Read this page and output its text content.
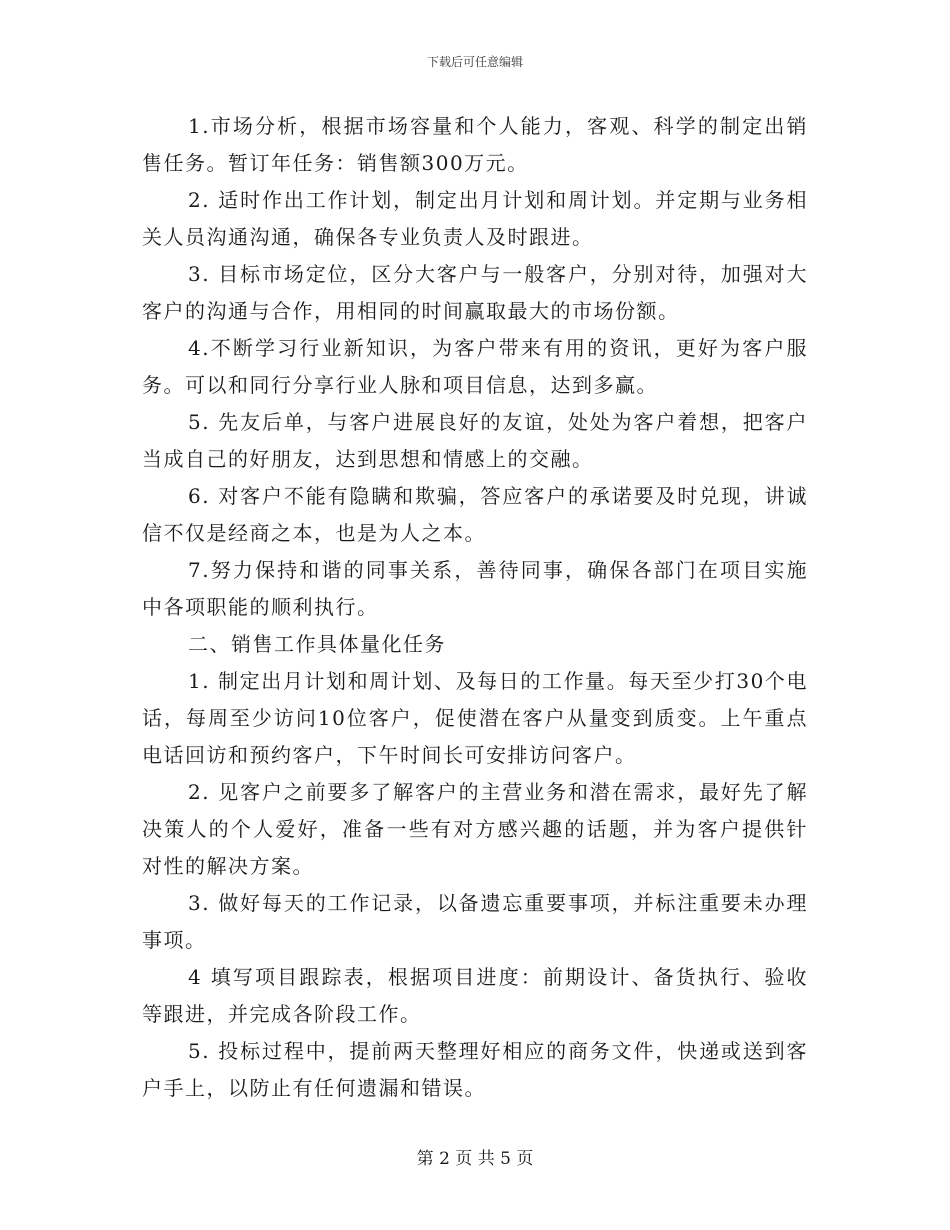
下载后可任意编辑

1.市场分析，根据市场容量和个人能力，客观、科学的制定出销售任务。暂订年任务：销售额300万元。

2. 适时作出工作计划，制定出月计划和周计划。并定期与业务相关人员沟通沟通，确保各专业负责人及时跟进。

3. 目标市场定位，区分大客户与一般客户，分别对待，加强对大客户的沟通与合作，用相同的时间赢取最大的市场份额。

4.不断学习行业新知识，为客户带来有用的资讯，更好为客户服务。可以和同行分享行业人脉和项目信息，达到多赢。

5. 先友后单，与客户进展良好的友谊，处处为客户着想，把客户当成自己的好朋友，达到思想和情感上的交融。

6. 对客户不能有隐瞒和欺骗，答应客户的承诺要及时兑现，讲诚信不仅是经商之本，也是为人之本。

7.努力保持和谐的同事关系，善待同事，确保各部门在项目实施中各项职能的顺利执行。

二、销售工作具体量化任务

1. 制定出月计划和周计划、及每日的工作量。每天至少打30个电话，每周至少访问10位客户，促使潜在客户从量变到质变。上午重点电话回访和预约客户，下午时间长可安排访问客户。

2. 见客户之前要多了解客户的主营业务和潜在需求，最好先了解决策人的个人爱好，准备一些有对方感兴趣的话题，并为客户提供针对性的解决方案。

3. 做好每天的工作记录，以备遗忘重要事项，并标注重要未办理事项。

4 填写项目跟踪表，根据项目进度：前期设计、备货执行、验收等跟进，并完成各阶段工作。

5. 投标过程中，提前两天整理好相应的商务文件，快递或送到客户手上，以防止有任何遗漏和错误。

第 2 页 共 5 页
